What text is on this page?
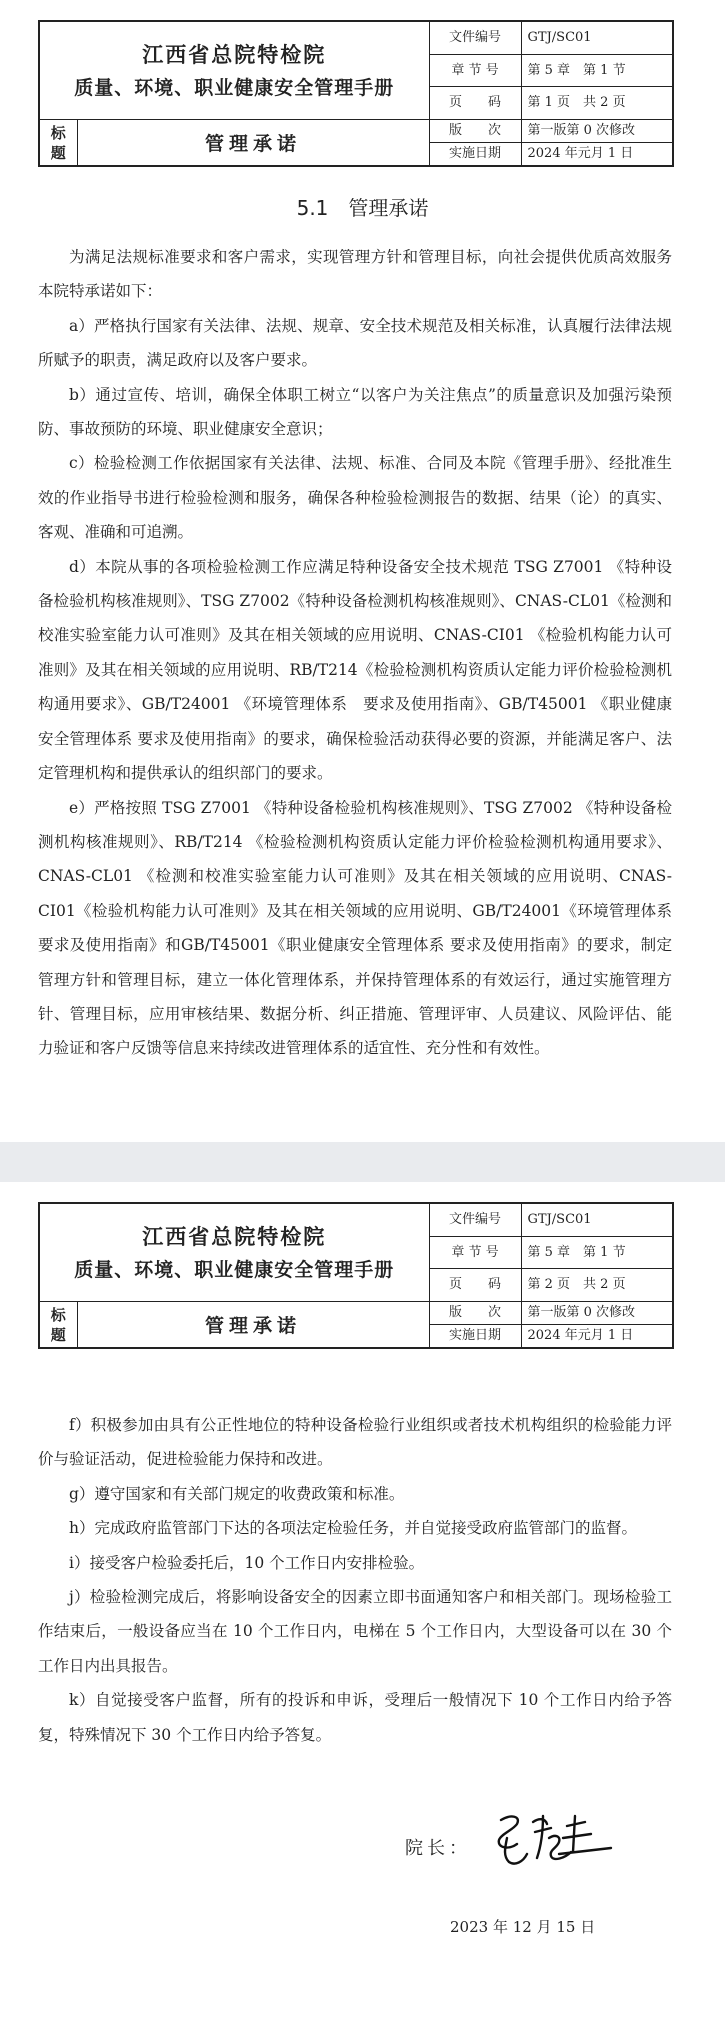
江西省总院特检院
质量、环境、职业健康安全管理手册		文件编号	GTJ/SC01
		章 节 号	第 5 章　第 1 节
		页　　码	第 1 页　共 2 页

标题	管理承诺	版　　次	第一版第 0 次修改
		实施日期	2024 年元月 1 日
5.1　管理承诺

为满足法规标准要求和客户需求，实现管理方针和管理目标，向社会提供优质高效服务本院特承诺如下：

a）严格执行国家有关法律、法规、规章、安全技术规范及相关标准，认真履行法律法规所赋予的职责，满足政府以及客户要求。

b）通过宣传、培训，确保全体职工树立“以客户为关注焦点”的质量意识及加强污染预防、事故预防的环境、职业健康安全意识；

c）检验检测工作依据国家有关法律、法规、标准、合同及本院《管理手册》、经批准生效的作业指导书进行检验检测和服务，确保各种检验检测报告的数据、结果（论）的真实、客观、准确和可追溯。

d）本院从事的各项检验检测工作应满足特种设备安全技术规范 TSG Z7001 《特种设备检验机构核准规则》、TSG Z7002《特种设备检测机构核准规则》、CNAS-CL01《检测和校准实验室能力认可准则》及其在相关领域的应用说明、CNAS-CI01 《检验机构能力认可准则》及其在相关领域的应用说明、RB/T214《检验检测机构资质认定能力评价检验检测机构通用要求》、GB/T24001 《环境管理体系　要求及使用指南》、GB/T45001 《职业健康安全管理体系 要求及使用指南》的要求，确保检验活动获得必要的资源，并能满足客户、法定管理机构和提供承认的组织部门的要求。

e）严格按照 TSG Z7001 《特种设备检验机构核准规则》、TSG Z7002 《特种设备检测机构核准规则》、RB/T214 《检验检测机构资质认定能力评价检验检测机构通用要求》、CNAS-CL01 《检测和校准实验室能力认可准则》及其在相关领域的应用说明、CNAS-CI01《检验机构能力认可准则》及其在相关领域的应用说明、GB/T24001《环境管理体系　要求及使用指南》和GB/T45001《职业健康安全管理体系 要求及使用指南》的要求，制定管理方针和管理目标，建立一体化管理体系，并保持管理体系的有效运行，通过实施管理方针、管理目标，应用审核结果、数据分析、纠正措施、管理评审、人员建议、风险评估、能力验证和客户反馈等信息来持续改进管理体系的适宜性、充分性和有效性。

江西省总院特检院
质量、环境、职业健康安全管理手册		文件编号	GTJ/SC01
		章 节 号	第 5 章　第 1 节
		页　　码	第 2 页　共 2 页

标题	管理承诺	版　　次	第一版第 0 次修改
		实施日期	2024 年元月 1 日

f）积极参加由具有公正性地位的特种设备检验行业组织或者技术机构组织的检验能力评价与验证活动，促进检验能力保持和改进。

g）遵守国家和有关部门规定的收费政策和标准。

h）完成政府监管部门下达的各项法定检验任务，并自觉接受政府监管部门的监督。

i）接受客户检验委托后，10 个工作日内安排检验。

j）检验检测完成后，将影响设备安全的因素立即书面通知客户和相关部门。现场检验工作结束后，一般设备应当在 10 个工作日内，电梯在 5 个工作日内，大型设备可以在 30 个工作日内出具报告。

k）自觉接受客户监督，所有的投诉和申诉，受理后一般情况下 10 个工作日内给予答复，特殊情况下 30 个工作日内给予答复。

院长：
2023 年 12 月 15 日
